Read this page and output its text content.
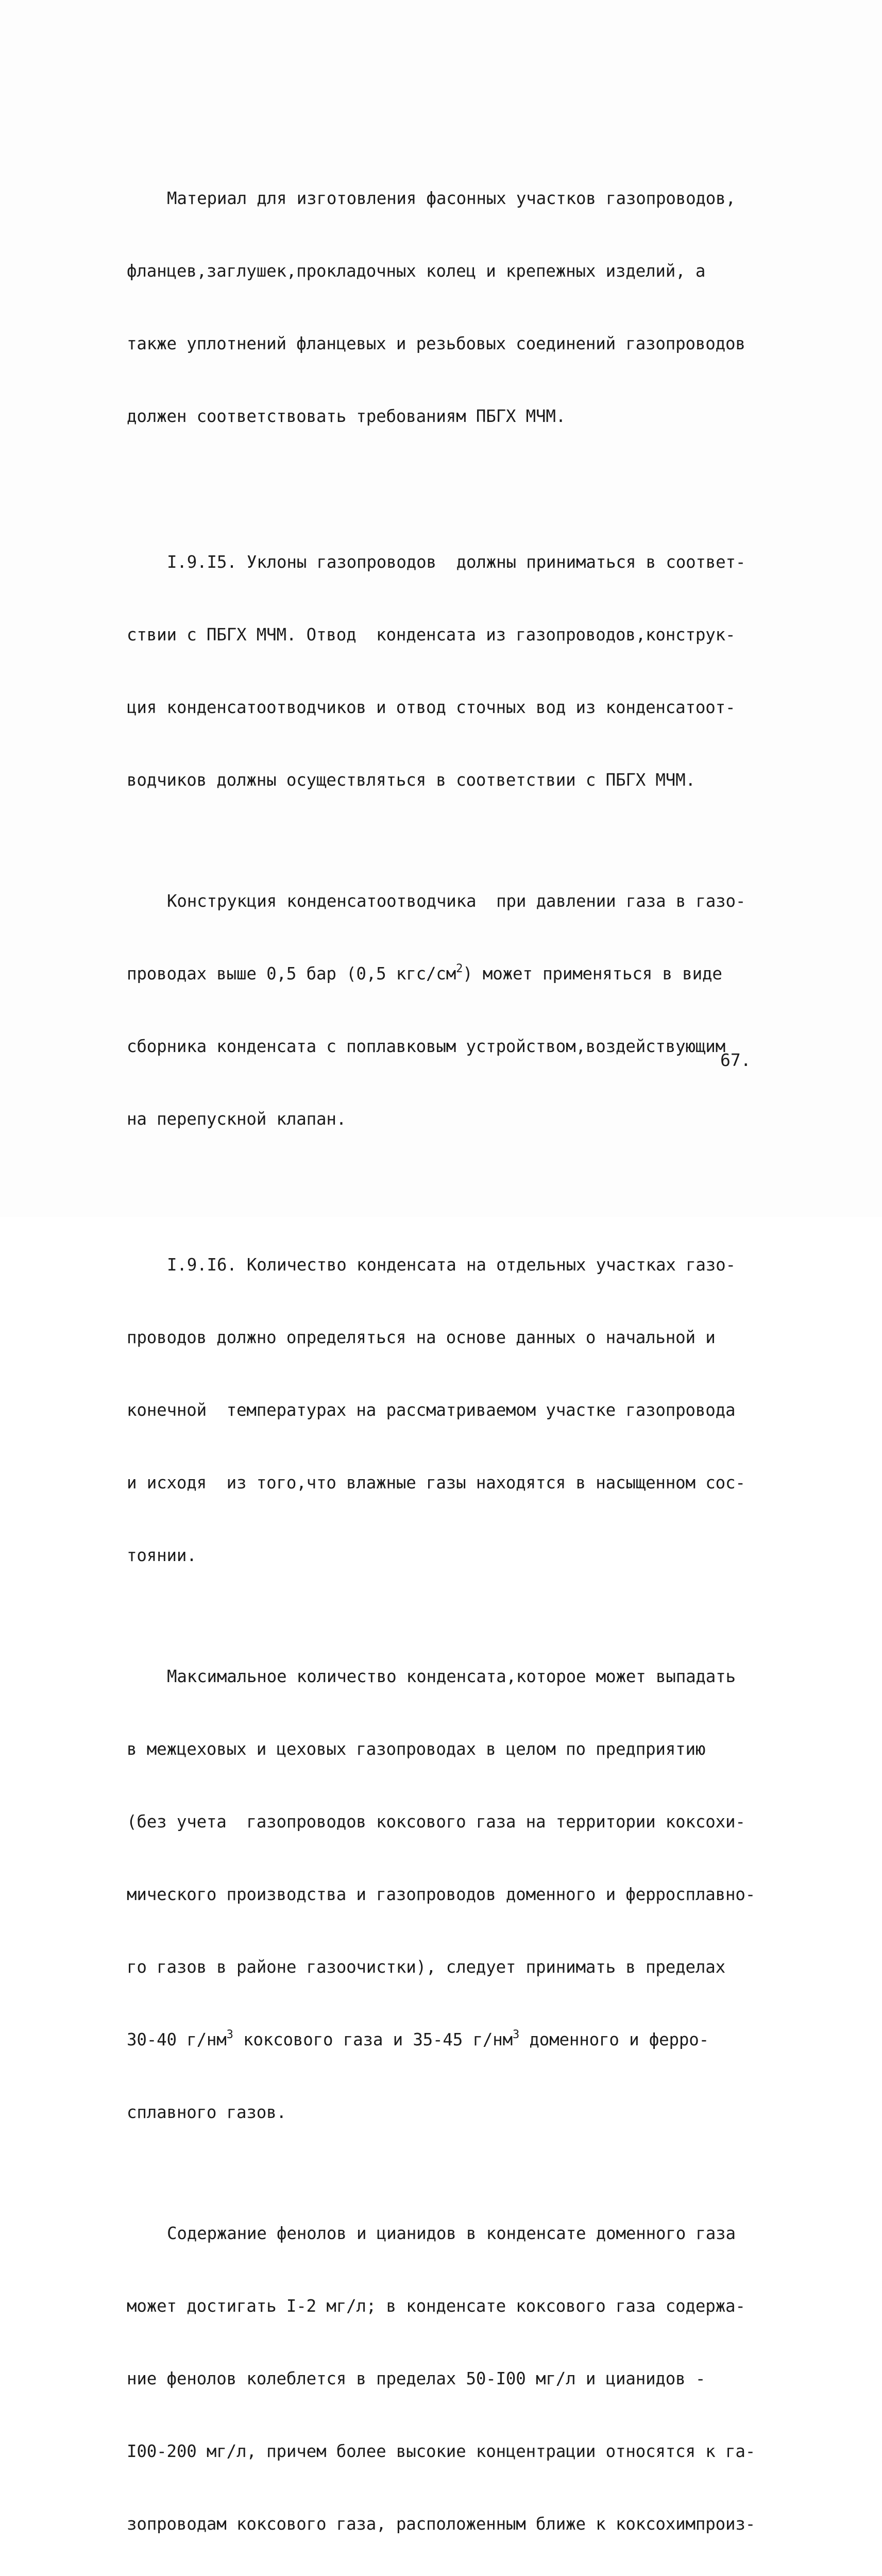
Материал для изготовления фасонных участков газопроводов,

фланцев,заглушек,прокладочных колец и крепежных изделий, а

также уплотнений фланцевых и резьбовых соединений газопроводов

должен соответствовать требованиям ПБГХ МЧМ.

I.9.I5. Уклоны газопроводов  должны приниматься в соответ-

ствии с ПБГХ МЧМ. Отвод  конденсата из газопроводов,конструк-

ция конденсатоотводчиков и отвод сточных вод из конденсатоот-

водчиков должны осуществляться в соответствии с ПБГХ МЧМ.

Конструкция конденсатоотводчика  при давлении газа в газо-

проводах выше 0,5 бар (0,5 кгс/$см^2$) может применяться в виде

сборника конденсата с поплавковым устройством,воздействующим

на перепускной клапан.

I.9.I6. Количество конденсата на отдельных участках газо-

проводов должно определяться на основе данных о начальной и

конечной  температурах на рассматриваемом участке газопровода

и исходя  из того,что влажные газы находятся в насыщенном сос-

тоянии.

Максимальное количество конденсата,которое может выпадать

в межцеховых и цеховых газопроводах в целом по предприятию

(без учета  газопроводов коксового газа на территории коксохи-

мического производства и газопроводов доменного и ферросплавно-

го газов в районе газоочистки), следует принимать в пределах

30-40 $г/нм^3$ коксового газа и 35-45 $г/нм^3$ доменного и ферро-

сплавного газов.

Содержание фенолов и цианидов в конденсате доменного газа

может достигать I-2 мг/л; в конденсате коксового газа содержа-

ние фенолов колеблется в пределах 50-I00 мг/л и цианидов -

I00-200 мг/л, причем более высокие концентрации относятся к га-

зопроводам коксового газа, расположенным ближе к коксохимпроиз-

67.
